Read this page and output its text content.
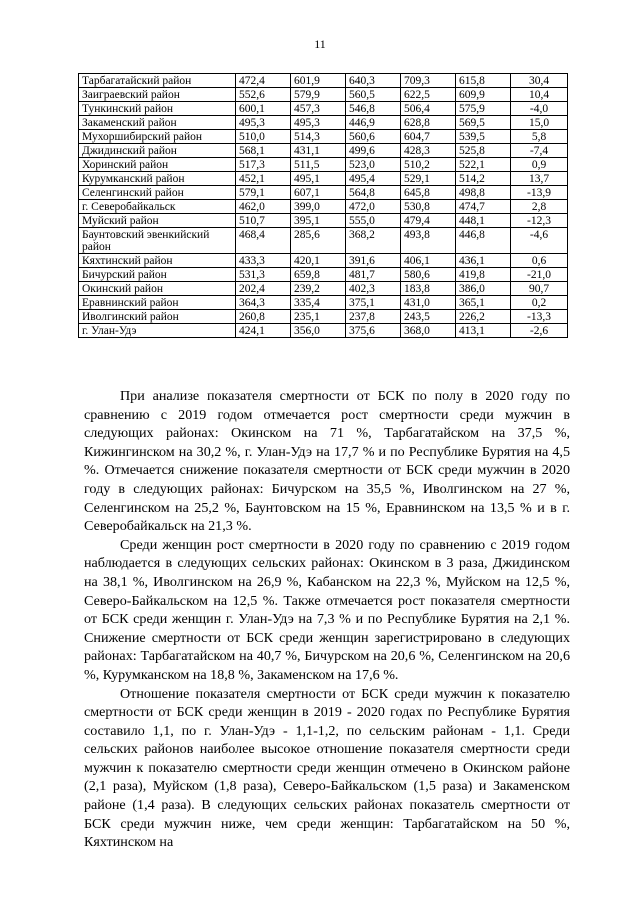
11
Тарбагатайский район	472,4	601,9	640,3	709,3	615,8	30,4
Заиграевский район	552,6	579,9	560,5	622,5	609,9	10,4
Тункинский район	600,1	457,3	546,8	506,4	575,9	-4,0
Закаменский район	495,3	495,3	446,9	628,8	569,5	15,0
Мухоршибирский район	510,0	514,3	560,6	604,7	539,5	5,8
Джидинский район	568,1	431,1	499,6	428,3	525,8	-7,4
Хоринский район	517,3	511,5	523,0	510,2	522,1	0,9
Курумканский район	452,1	495,1	495,4	529,1	514,2	13,7
Селенгинский район	579,1	607,1	564,8	645,8	498,8	-13,9
г. Северобайкальск	462,0	399,0	472,0	530,8	474,7	2,8
Муйский район	510,7	395,1	555,0	479,4	448,1	-12,3
Баунтовский эвенкийский район	468,4	285,6	368,2	493,8	446,8	-4,6
Кяхтинский район	433,3	420,1	391,6	406,1	436,1	0,6
Бичурский район	531,3	659,8	481,7	580,6	419,8	-21,0
Окинский район	202,4	239,2	402,3	183,8	386,0	90,7
Еравнинский район	364,3	335,4	375,1	431,0	365,1	0,2
Иволгинский район	260,8	235,1	237,8	243,5	226,2	-13,3
г. Улан-Удэ	424,1	356,0	375,6	368,0	413,1	-2,6

При анализе показателя смертности от БСК по полу в 2020 году по сравнению с 2019 годом отмечается рост смертности среди мужчин в следующих районах: Окинском на 71 %, Тарбагатайском на 37,5 %, Кижингинском на 30,2 %, г. Улан-Удэ на 17,7 % и по Республике Бурятия на 4,5 %. Отмечается снижение показателя смертности от БСК среди мужчин в 2020 году в следующих районах: Бичурском на 35,5 %, Иволгинском на 27 %, Селенгинском на 25,2 %, Баунтовском на 15 %, Еравнинском на 13,5 % и в г. Северобайкальск на 21,3 %.

Среди женщин рост смертности в 2020 году по сравнению с 2019 годом наблюдается в следующих сельских районах: Окинском в 3 раза, Джидинском на 38,1 %, Иволгинском на 26,9 %, Кабанском на 22,3 %, Муйском на 12,5 %, Северо-Байкальском на 12,5 %. Также отмечается рост показателя смертности от БСК среди женщин г. Улан-Удэ на 7,3 % и по Республике Бурятия на 2,1 %. Снижение смертности от БСК среди женщин зарегистрировано в следующих районах: Тарбагатайском на 40,7 %, Бичурском на 20,6 %, Селенгинском на 20,6 %, Курумканском на 18,8 %, Закаменском на 17,6 %.

Отношение показателя смертности от БСК среди мужчин к показателю смертности от БСК среди женщин в 2019 - 2020 годах по Республике Бурятия составило 1,1, по г. Улан-Удэ - 1,1-1,2, по сельским районам - 1,1. Среди сельских районов наиболее высокое отношение показателя смертности среди мужчин к показателю смертности среди женщин отмечено в Окинском районе (2,1 раза), Муйском (1,8 раза), Северо-Байкальском (1,5 раза) и Закаменском районе (1,4 раза). В следующих сельских районах показатель смертности от БСК среди мужчин ниже, чем среди женщин: Тарбагатайском на 50 %, Кяхтинском на
